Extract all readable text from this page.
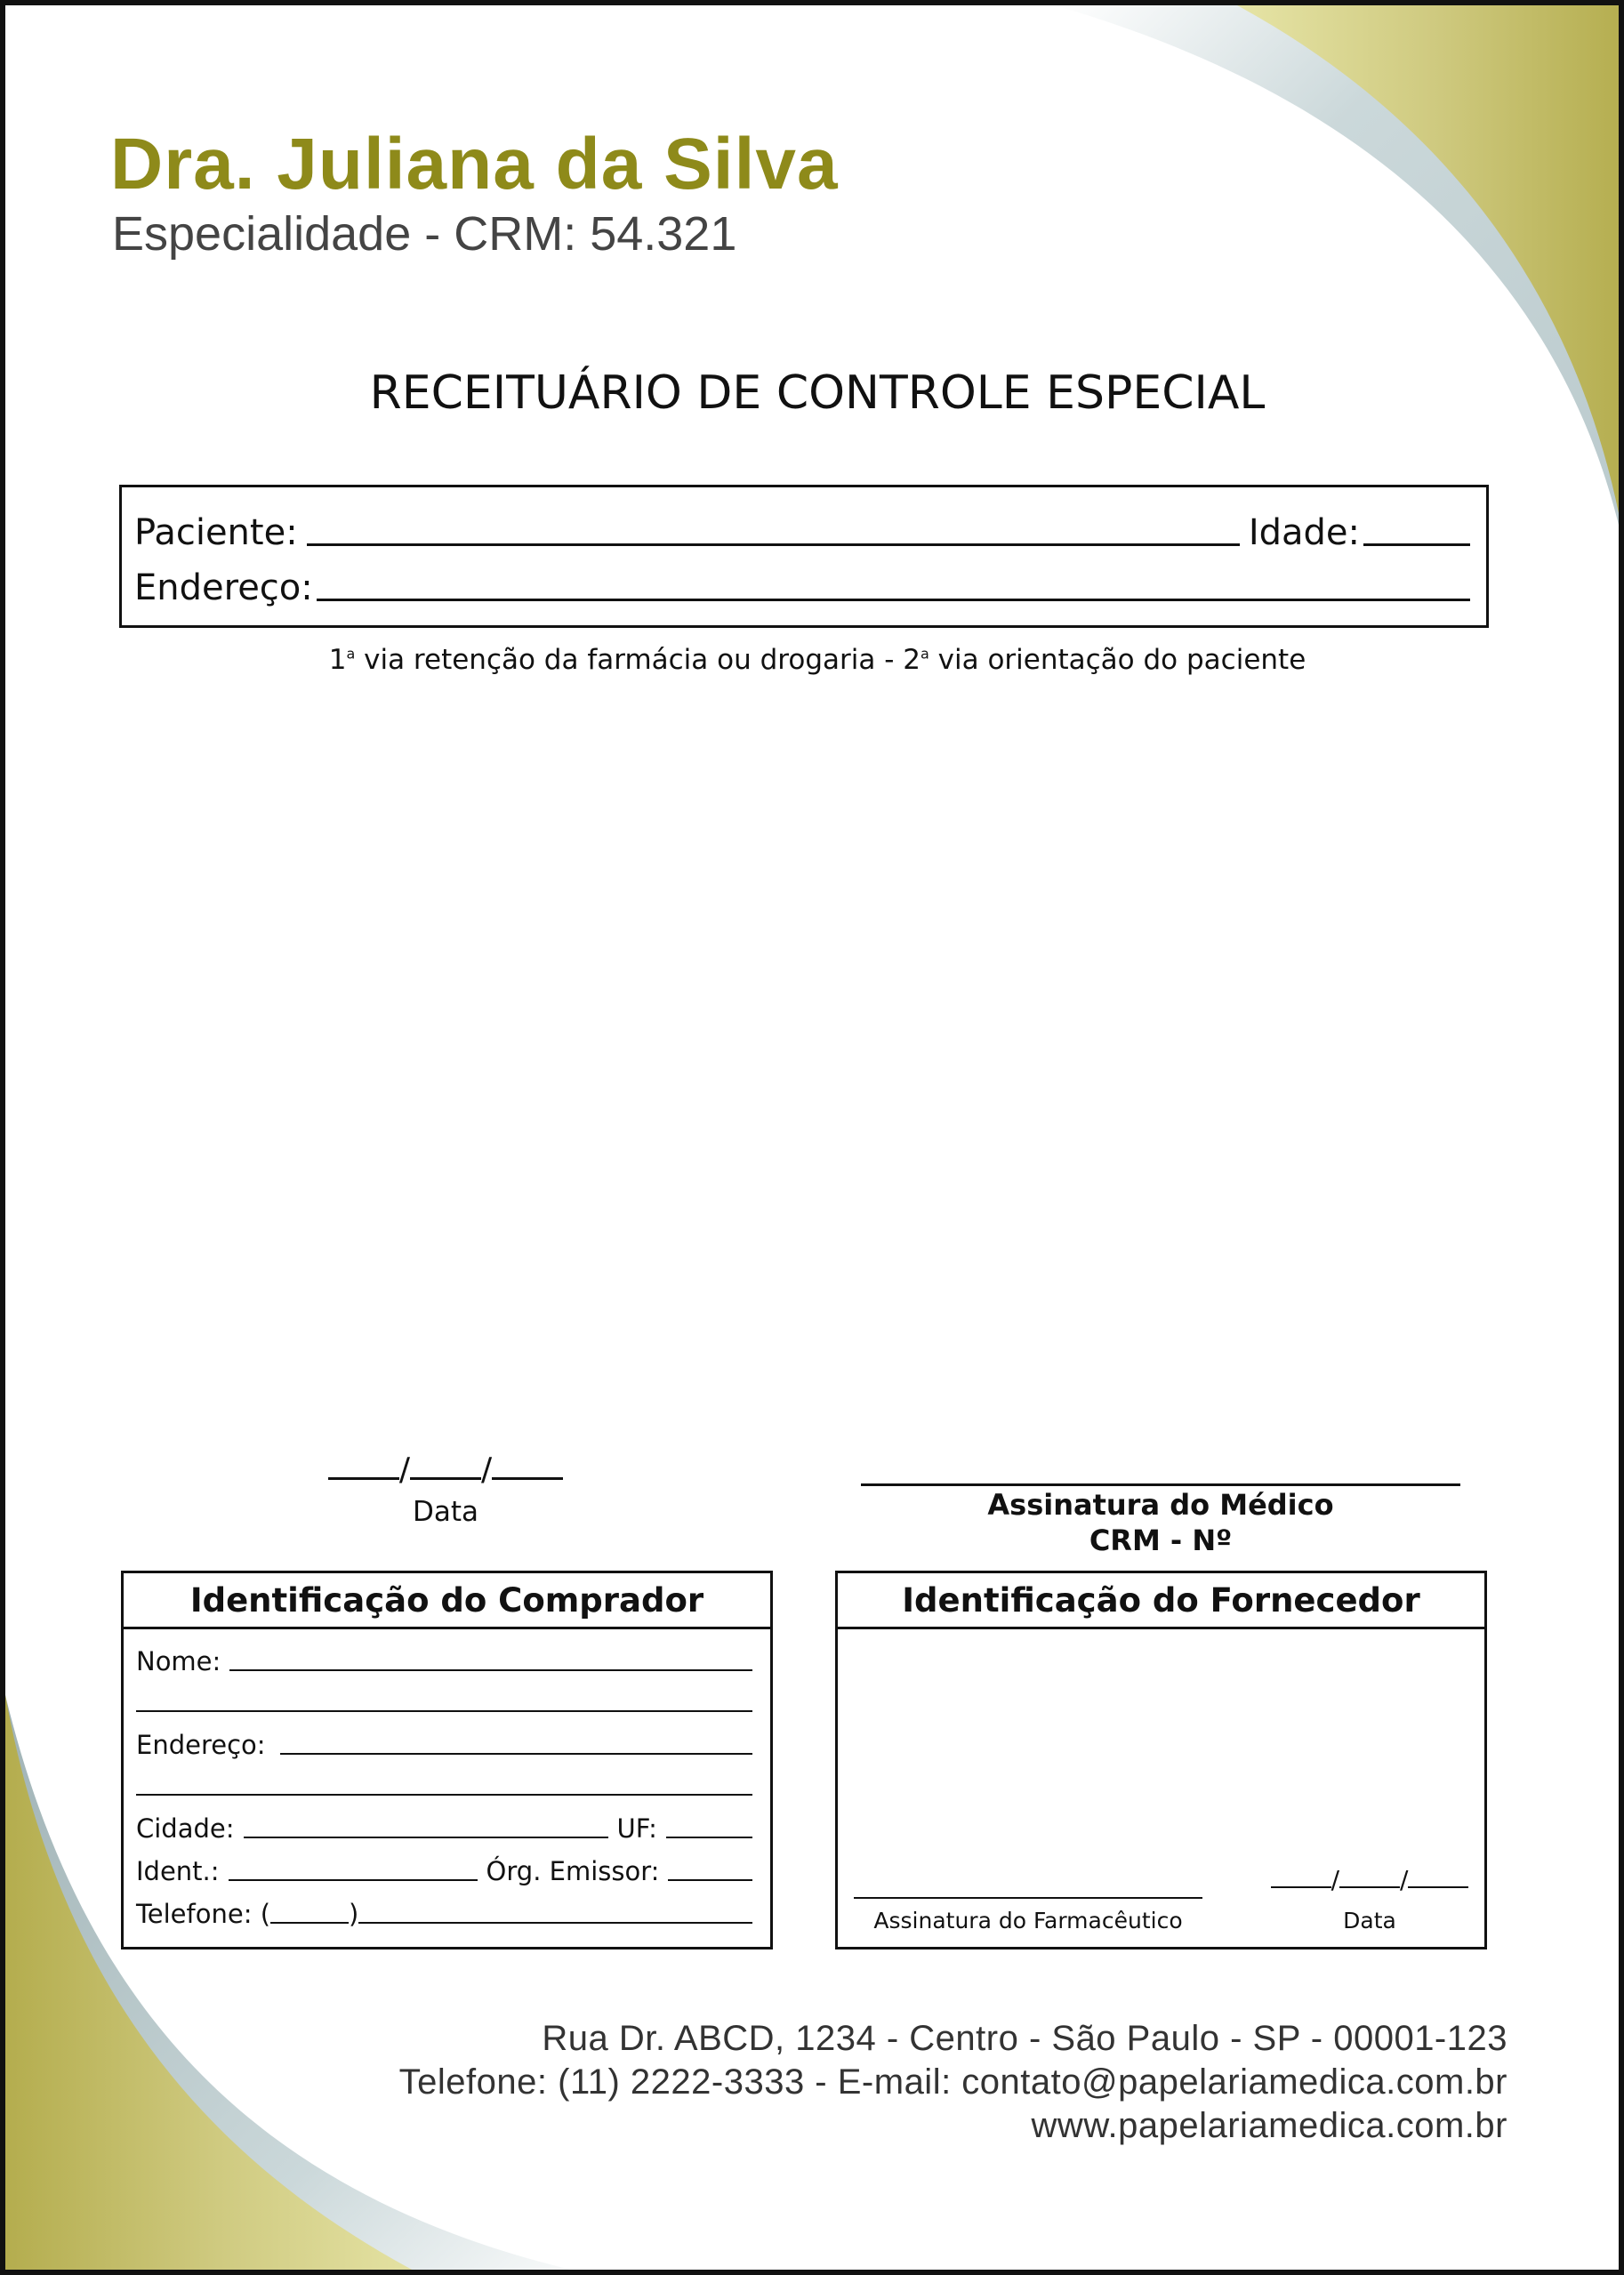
Dra. Juliana da Silva
Especialidade - CRM: 54.321
RECEITUÁRIO DE CONTROLE ESPECIAL
Paciente:	Idade:
Endereço:
1$^a$ via retenção da farmácia ou drogaria - 2$^a$ via orientação do paciente
/ /
Data	Assinatura do Médico
CRM - Nº
Identificação do Comprador
Nome:
Endereço:
Cidade:	UF:
Ident.:	Órg. Emissor:
Telefone: (	)
Identificação do Fornecedor
Assinatura do Farmacêutico
/ /
Data
Rua Dr. ABCD, 1234 - Centro - São Paulo - SP - 00001-123
Telefone: (11) 2222-3333 - E-mail: contato@papelariamedica.com.br
www.papelariamedica.com.br
